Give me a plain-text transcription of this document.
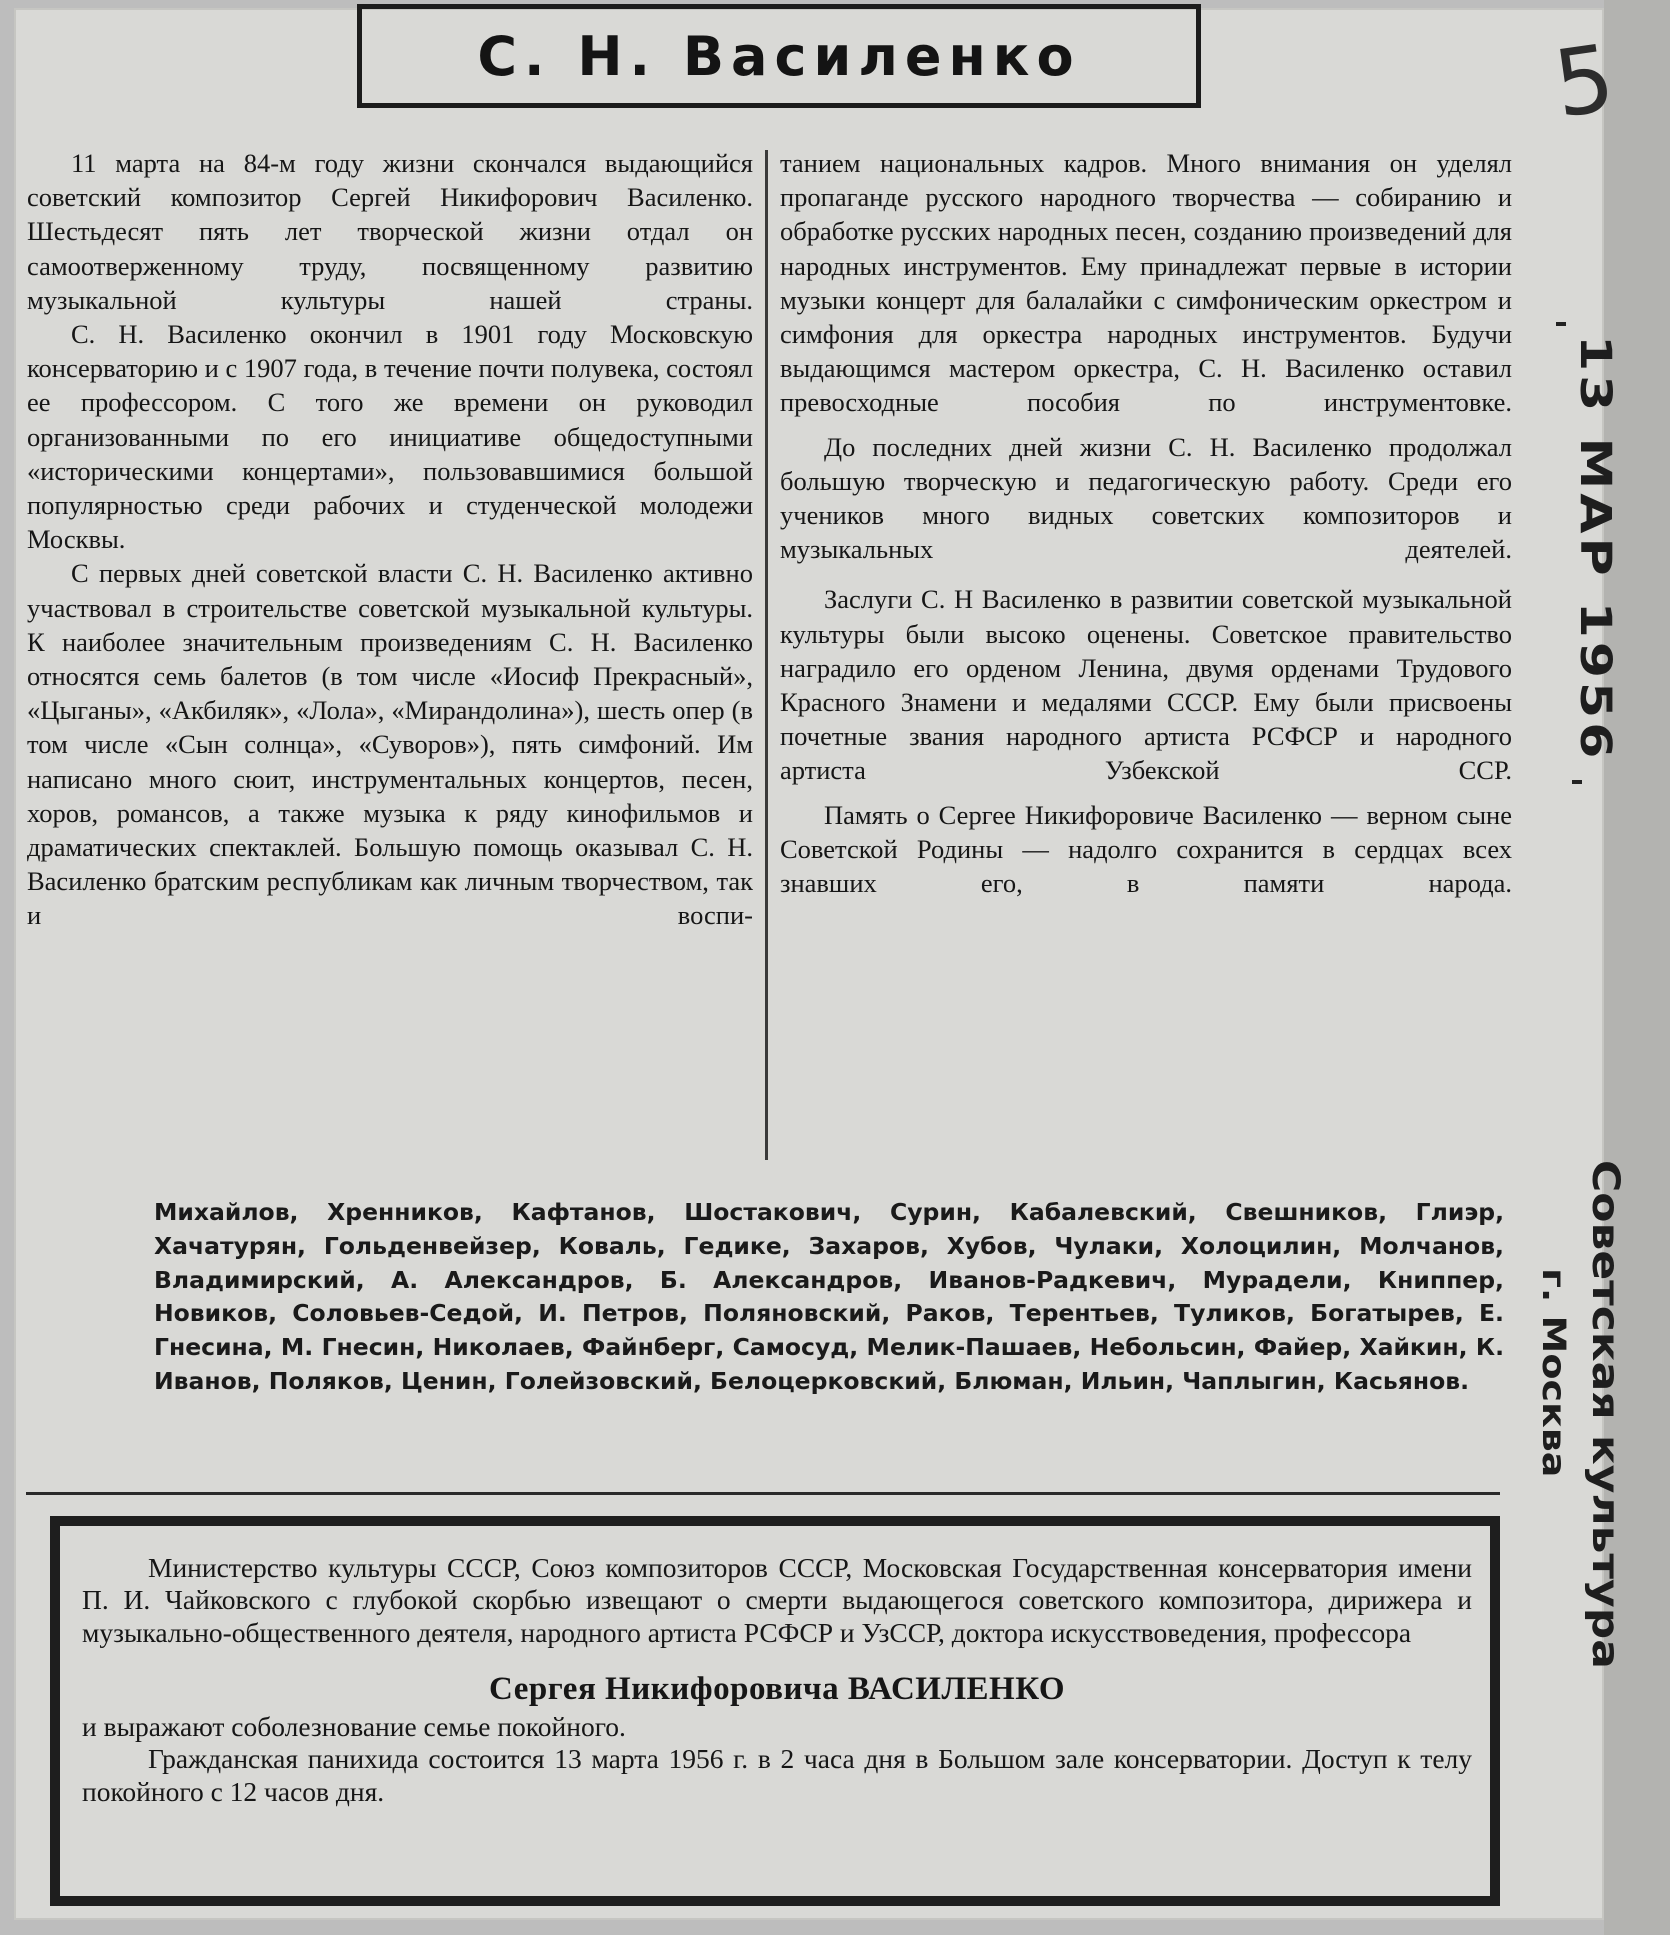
С. Н. Василенко	5

11 марта на 84-м году жизни скончался выдающийся советский композитор Сергей Никифорович Василенко. Шестьдесят пять лет творческой жизни отдал он самоотверженному труду, посвященному развитию музыкальной культуры нашей страны.

С. Н. Василенко окончил в 1901 году Московскую консерваторию и с 1907 года, в течение почти полувека, состоял ее профессором. С того же времени он руководил организованными по его инициативе общедоступными «историческими концертами», пользовавшимися большой популярностью среди рабочих и студенческой молодежи Москвы.

С первых дней советской власти С. Н. Василенко активно участвовал в строительстве советской музыкальной культуры. К наиболее значительным произведениям С. Н. Василенко относятся семь балетов (в том числе «Иосиф Прекрасный», «Цыганы», «Акбиляк», «Лола», «Мирандолина»), шесть опер (в том числе «Сын солнца», «Суворов»), пять симфоний. Им написано много сюит, инструментальных концертов, песен, хоров, романсов, а также музыка к ряду кинофильмов и драматических спектаклей. Большую помощь оказывал С. Н. Василенко братским республикам как личным творчеством, так и воспи-

танием национальных кадров. Много внимания он уделял пропаганде русского народного творчества — собиранию и обработке русских народных песен, созданию произведений для народных инструментов. Ему принадлежат первые в истории музыки концерт для балалайки с симфоническим оркестром и симфония для оркестра народных инструментов. Будучи выдающимся мастером оркестра, С. Н. Василенко оставил превосходные пособия по инструментовке.

До последних дней жизни С. Н. Василенко продолжал большую творческую и педагогическую работу. Среди его учеников много видных советских композиторов и музыкальных деятелей.

Заслуги С. Н Василенко в развитии советской музыкальной культуры были высоко оценены. Советское правительство наградило его орденом Ленина, двумя орденами Трудового Красного Знамени и медалями СССР. Ему были присвоены почетные звания народного артиста РСФСР и народного артиста Узбекской ССР.

Память о Сергее Никифоровиче Василенко — верном сыне Советской Родины — надолго сохранится в сердцах всех знавших его, в памяти народа.

Михайлов, Хренников, Кафтанов, Шостакович, Сурин, Кабалевский, Свешников, Глиэр, Хачатурян, Гольденвейзер, Коваль, Гедике, Захаров, Хубов, Чулаки, Холоцилин, Молчанов, Владимирский, А. Александров, Б. Александров, Иванов-Радкевич, Мурадели, Книппер, Новиков, Соловьев-Седой, И. Петров, Поляновский, Раков, Терентьев, Туликов, Богатырев, Е. Гнесина, М. Гнесин, Николаев, Файнберг, Самосуд, Мелик-Пашаев, Небольсин, Файер, Хайкин, К. Иванов, Поляков, Ценин, Голейзовский, Белоцерковский, Блюман, Ильин, Чаплыгин, Касьянов.

Министерство культуры СССР, Союз композиторов СССР, Московская Государственная консерватория имени П. И. Чайковского с глубокой скорбью извещают о смерти выдающегося советского композитора, дирижера и музыкально-общественного деятеля, народного артиста РСФСР и УзССР, доктора искусствоведения, профессора

Сергея Никифоровича ВАСИЛЕНКО

и выражают соболезнование семье покойного.

Гражданская панихида состоится 13 марта 1956 г. в 2 часа дня в Большом зале консерватории. Доступ к телу покойного с 12 часов дня.

13 МАР 1956
Советская культура
г. Москва
